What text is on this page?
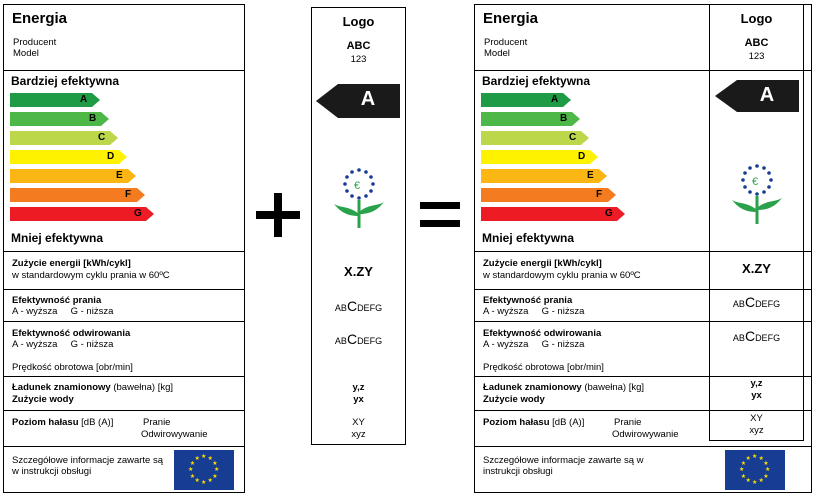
Energia
Producent
Model
Bardziej efektywna
A
B
C
D
E
F
G
Mniej efektywna
Zużycie energii [kWh/cykl]
w standardowym cyklu prania w 60ºC
Efektywność prania
A - wyższa     G - niższa
Efektywność odwirowania
A - wyższa     G - niższa
Prędkość obrotowa [obr/min]
Ładunek znamionowy (bawełna) [kg]
Zużycie wody
Poziom hałasu [dB (A)]	Pranie
Odwirowywanie
Szczegółowe informacje zawarte są w instrukcji obsługi	★
★
★
★
★
★
★
★
★ ★ ★
★
Logo
ABC
123
A
€
X.ZY
ABCDEFG
ABCDEFG
y,z
yx
XY
xyz
Energia
Producent
Model
Bardziej efektywna
A
B
C
D
E
F
G
Mniej efektywna
Zużycie energii [kWh/cykl]
w standardowym cyklu prania w 60ºC
Efektywność prania
A - wyższa     G - niższa
Efektywność odwirowania
A - wyższa     G - niższa
Prędkość obrotowa [obr/min]
Ładunek znamionowy (bawełna) [kg]
Zużycie wody
Poziom hałasu [dB (A)]	Pranie
Odwirowywanie
Szczegółowe informacje zawarte są w instrukcji obsługi	★
★
★
★
★
★
★
★
★ ★ ★
★
Logo
ABC
123
A
€
X.ZY
ABCDEFG
ABCDEFG
y,z
yx
XY
xyz
